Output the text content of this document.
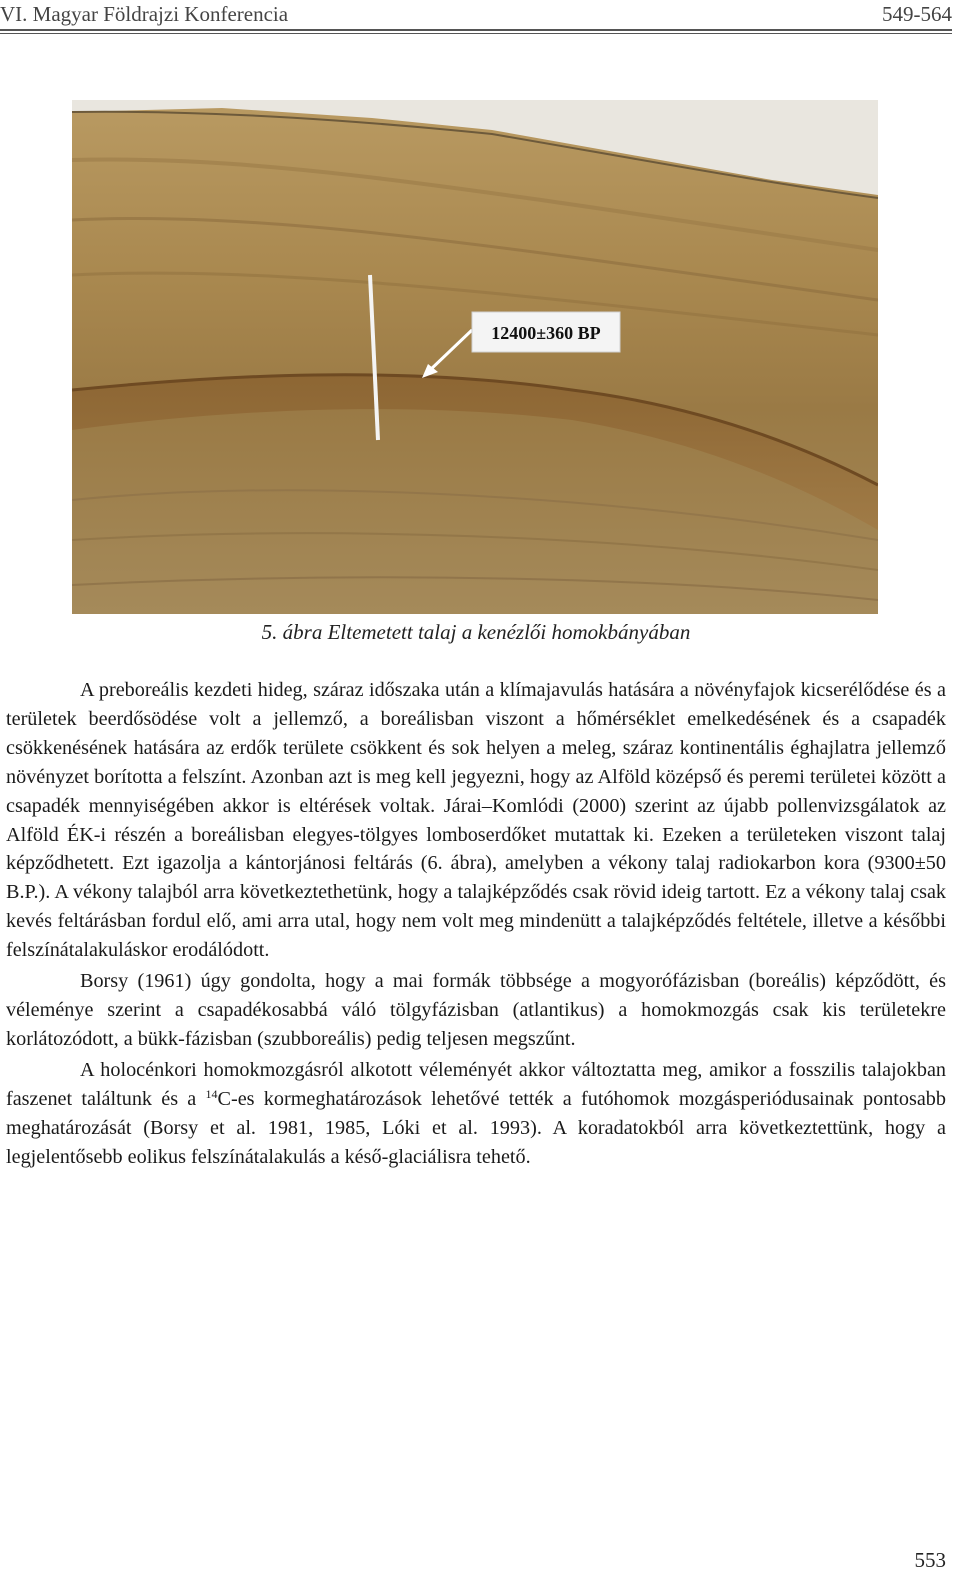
VI. Magyar Földrajzi Konferencia	549-564
12400±360 BP
5. ábra Eltemetett talaj a kenézlői homokbányában

A preboreális kezdeti hideg, száraz időszaka után a klímajavulás hatására a növényfajok kicserélődése és a területek beerdősödése volt a jellemző, a boreálisban viszont a hőmérséklet emelkedésének és a csapadék csökkenésének hatására az erdők területe csökkent és sok helyen a meleg, száraz kontinentális éghajlatra jellemző növényzet borította a felszínt. Azonban azt is meg kell jegyezni, hogy az Alföld középső és peremi területei között a csapadék mennyiségében akkor is eltérések voltak. Járai–Komlódi (2000) szerint az újabb pollenvizsgálatok az Alföld ÉK-i részén a boreálisban elegyes-tölgyes lomboserdőket mutattak ki. Ezeken a területeken viszont talaj képződhetett. Ezt igazolja a kántorjánosi feltárás (6. ábra), amelyben a vékony talaj radiokarbon kora (9300±50 B.P.). A vékony talajból arra következtethetünk, hogy a talajképződés csak rövid ideig tartott. Ez a vékony talaj csak kevés feltárásban fordul elő, ami arra utal, hogy nem volt meg mindenütt a talajképződés feltétele, illetve a későbbi felszínátalakuláskor erodálódott.

Borsy (1961) úgy gondolta, hogy a mai formák többsége a mogyorófázisban (boreális) képződött, és véleménye szerint a csapadékosabbá váló tölgyfázisban (atlantikus) a homokmozgás csak kis területekre korlátozódott, a bükk-fázisban (szubboreális) pedig teljesen megszűnt.

A holocénkori homokmozgásról alkotott véleményét akkor változtatta meg, amikor a fosszilis talajokban faszenet találtunk és a $^{14}$C-es kormeghatározások lehetővé tették a futóhomok mozgásperiódusainak pontosabb meghatározását (Borsy et al. 1981, 1985, Lóki et al. 1993). A koradatokból arra következtettünk, hogy a legjelentősebb eolikus felszínátalakulás a késő-glaciálisra tehető.

553
